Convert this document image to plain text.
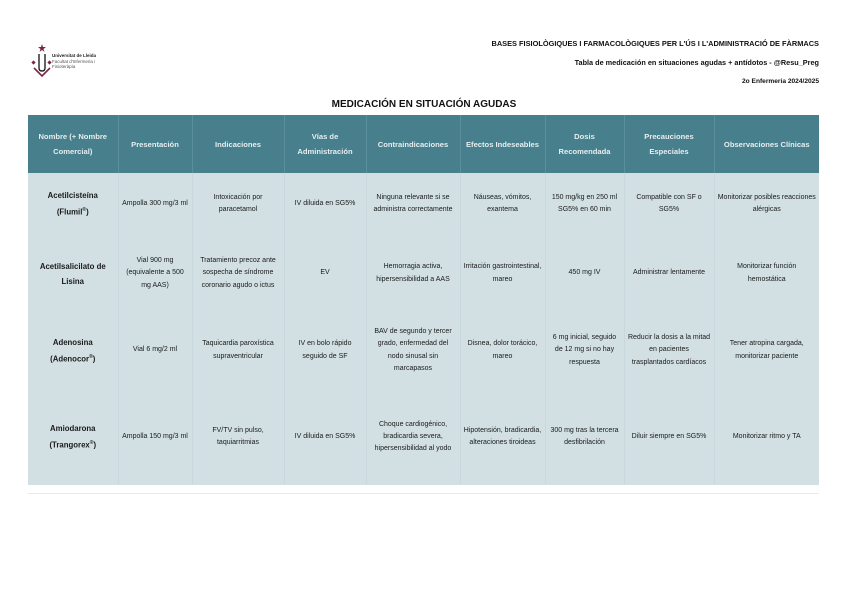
Universitat de Lleida
Facultat d'Infermeria i
Fisioteràpia
BASES FISIOLÒGIQUES I FARMACOLÒGIQUES PER L'ÚS I L'ADMINISTRACIÓ DE FÀRMACS
Tabla de medicación en situaciones agudas + antídotos - @Resu_Preg
2o Enfermeria 2024/2025
MEDICACIÓN EN SITUACIÓN AGUDAS
Nombre (+ Nombre Comercial)	Presentación	Indicaciones	Vías de Administración	Contraindicaciones	Efectos Indeseables	Dosis Recomendada	Precauciones Especiales	Observaciones Clínicas
Acetilcisteína
(Flumil®)	Ampolla 300 mg/3 ml	Intoxicación por paracetamol	IV diluida en SG5%	Ninguna relevante si se administra correctamente	Náuseas, vómitos, exantema	150 mg/kg en 250 ml SG5% en 60 min	Compatible con SF o SG5%	Monitorizar posibles reacciones alérgicas
Acetilsalicilato de Lisina	Vial 900 mg (equivalente a 500 mg AAS)	Tratamiento precoz ante sospecha de síndrome coronario agudo o ictus	EV	Hemorragia activa, hipersensibilidad a AAS	Irritación gastrointestinal, mareo	450 mg IV	Administrar lentamente	Monitorizar función hemostática
Adenosina
(Adenocor®)	Vial 6 mg/2 ml	Taquicardia paroxística supraventricular	IV en bolo rápido seguido de SF	BAV de segundo y tercer grado, enfermedad del nodo sinusal sin marcapasos	Disnea, dolor torácico, mareo	6 mg inicial, seguido de 12 mg si no hay respuesta	Reducir la dosis a la mitad en pacientes trasplantados cardíacos	Tener atropina cargada, monitorizar paciente
Amiodarona
(Trangorex®)	Ampolla 150 mg/3 ml	FV/TV sin pulso, taquiarritmias	IV diluida en SG5%	Choque cardiogénico, bradicardia severa, hipersensibilidad al yodo	Hipotensión, bradicardia, alteraciones tiroideas	300 mg tras la tercera desfibrilación	Diluir siempre en SG5%	Monitorizar ritmo y TA
